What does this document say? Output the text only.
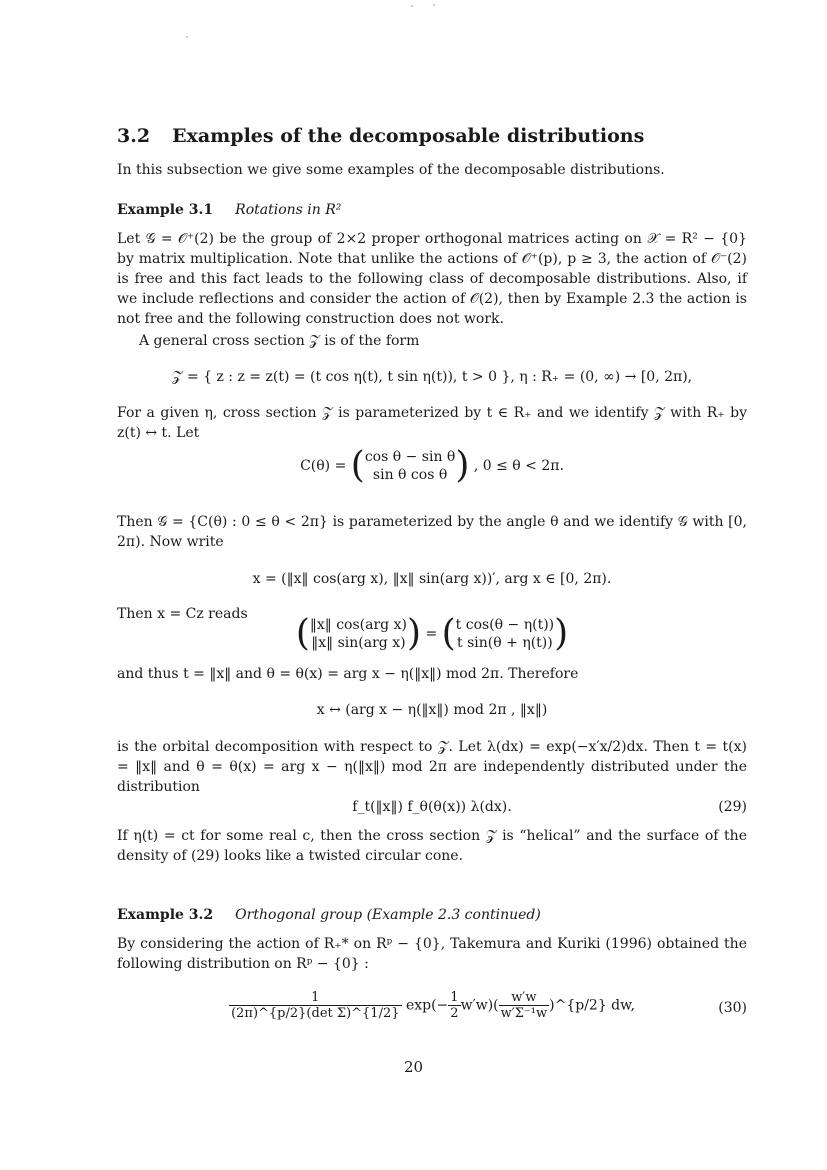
3.2 Examples of the decomposable distributions
In this subsection we give some examples of the decomposable distributions.
Example 3.1 Rotations in R²
Let 𝒢 = 𝒪⁺(2) be the group of 2×2 proper orthogonal matrices acting on 𝒳 = R² − {0} by matrix multiplication. Note that unlike the actions of 𝒪⁺(p), p ≥ 3, the action of 𝒪⁻(2) is free and this fact leads to the following class of decomposable distributions. Also, if we include reflections and consider the action of 𝒪(2), then by Example 2.3 the action is not free and the following construction does not work.
A general cross section 𝒵 is of the form
𝒵 = { z : z = z(t) = (t cos η(t), t sin η(t)), t > 0 }, η : R₊ = (0, ∞) → [0, 2π),
For a given η, cross section 𝒵 is parameterized by t ∈ R₊ and we identify 𝒵 with R₊ by z(t) ↔ t. Let
C(θ) = ( cos θ − sin θ
sin θ cos θ ) , 0 ≤ θ < 2π.
Then 𝒢 = {C(θ) : 0 ≤ θ < 2π} is parameterized by the angle θ and we identify 𝒢 with [0, 2π). Now write
x = (‖x‖ cos(arg x), ‖x‖ sin(arg x))′, arg x ∈ [0, 2π).
Then x = Cz reads	( ‖x‖ cos(arg x)
‖x‖ sin(arg x) ) = ( t cos(θ − η(t))
t sin(θ + η(t)) )
and thus t = ‖x‖ and θ = θ(x) = arg x − η(‖x‖) mod 2π. Therefore
x ↔ (arg x − η(‖x‖) mod 2π , ‖x‖)
is the orbital decomposition with respect to 𝒵. Let λ(dx) = exp(−x′x/2)dx. Then t = t(x) = ‖x‖ and θ = θ(x) = arg x − η(‖x‖) mod 2π are independently distributed under the distribution
f_t(‖x‖) f_θ(θ(x)) λ(dx).	(29)
If η(t) = ct for some real c, then the cross section 𝒵 is “helical” and the surface of the density of (29) looks like a twisted circular cone.
Example 3.2 Orthogonal group (Example 2.3 continued)
By considering the action of R₊* on Rᵖ − {0}, Takemura and Kuriki (1996) obtained the following distribution on Rᵖ − {0} :
$\frac{1}{\text{(2π)\textasciicircum{}\{p/2\}(det Σ)\textasciicircum{}\{1/2\}}} \exp(- \frac{1}{2} w'w)( \frac{w'w}{\text{w′Σ⁻¹w}}$ )^{p/2} dw,	(30)
20
